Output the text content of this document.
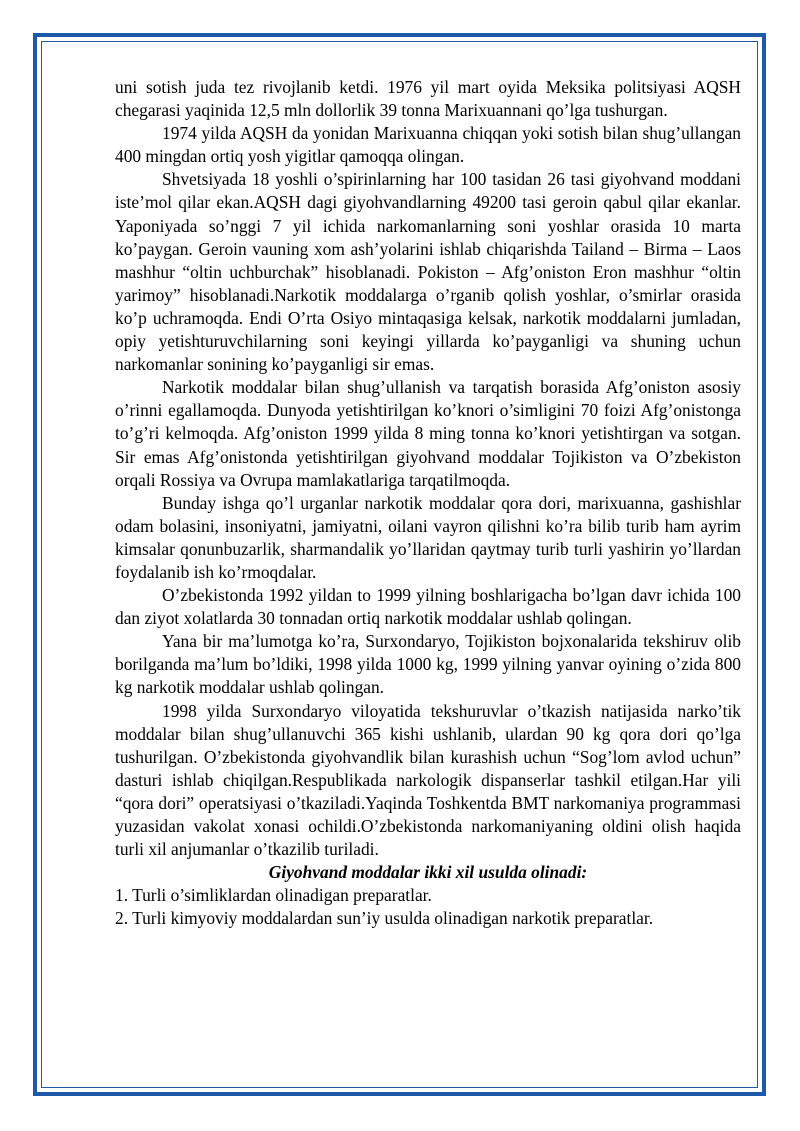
uni sotish juda tez rivojlanib ketdi. 1976 yil mart oyida Meksika politsiyasi AQSH chegarasi yaqinida 12,5 mln dollorlik 39 tonna Marixuannani qo’lga tushurgan.

1974 yilda AQSH da yonidan Marixuanna chiqqan yoki sotish bilan shug’ullangan 400 mingdan ortiq yosh yigitlar qamoqqa olingan.

Shvetsiyada 18 yoshli o’spirinlarning har 100 tasidan 26 tasi giyohvand moddani iste’mol qilar ekan.AQSH dagi giyohvandlarning 49200 tasi geroin qabul qilar ekanlar. Yaponiyada so’nggi 7 yil ichida narkomanlarning soni yoshlar orasida 10 marta ko’paygan. Geroin vauning xom ash’yolarini ishlab chiqarishda Tailand – Birma – Laos mashhur “oltin uchburchak” hisoblanadi. Pokiston – Afg’oniston Eron mashhur “oltin yarimoy” hisoblanadi.Narkotik moddalarga o’rganib qolish yoshlar, o’smirlar orasida ko’p uchramoqda. Endi O’rta Osiyo mintaqasiga kelsak, narkotik moddalarni jumladan, opiy yetishturuvchilarning soni keyingi yillarda ko’payganligi va shuning uchun narkomanlar sonining ko’payganligi sir emas.

Narkotik moddalar bilan shug’ullanish va tarqatish borasida Afg’oniston asosiy o’rinni egallamoqda. Dunyoda yetishtirilgan ko’knori o’simligini 70 foizi Afg’onistonga to’g’ri kelmoqda. Afg’oniston 1999 yilda 8 ming tonna ko’knori yetishtirgan va sotgan. Sir emas Afg’onistonda yetishtirilgan giyohvand moddalar Tojikiston va O’zbekiston orqali Rossiya va Ovrupa mamlakatlariga tarqatilmoqda.

Bunday ishga qo’l urganlar narkotik moddalar qora dori, marixuanna, gashishlar odam bolasini, insoniyatni, jamiyatni, oilani vayron qilishni ko’ra bilib turib ham ayrim kimsalar qonunbuzarlik, sharmandalik yo’llaridan qaytmay turib turli yashirin yo’llardan foydalanib ish ko’rmoqdalar.

O’zbekistonda 1992 yildan to 1999 yilning boshlarigacha bo’lgan davr ichida 100 dan ziyot xolatlarda 30 tonnadan ortiq narkotik moddalar ushlab qolingan.

Yana bir ma’lumotga ko’ra, Surxondaryo, Tojikiston bojxonalarida tekshiruv olib borilganda ma’lum bo’ldiki, 1998 yilda 1000 kg, 1999 yilning yanvar oyining o’zida 800 kg narkotik moddalar ushlab qolingan.

1998 yilda Surxondaryo viloyatida tekshuruvlar o’tkazish natijasida narko’tik moddalar bilan shug’ullanuvchi 365 kishi ushlanib, ulardan 90 kg qora dori qo’lga tushurilgan. O’zbekistonda giyohvandlik bilan kurashish uchun “Sog’lom avlod uchun” dasturi ishlab chiqilgan.Respublikada narkologik dispanserlar tashkil etilgan.Har yili “qora dori” operatsiyasi o’tkaziladi.Yaqinda Toshkentda BMT narkomaniya programmasi yuzasidan vakolat xonasi ochildi.O’zbekistonda narkomaniyaning oldini olish haqida turli xil anjumanlar o’tkazilib turiladi.

Giyohvand moddalar ikki xil usulda olinadi:

1. Turli o’simliklardan olinadigan preparatlar.

2. Turli kimyoviy moddalardan sun’iy usulda olinadigan narkotik preparatlar.
